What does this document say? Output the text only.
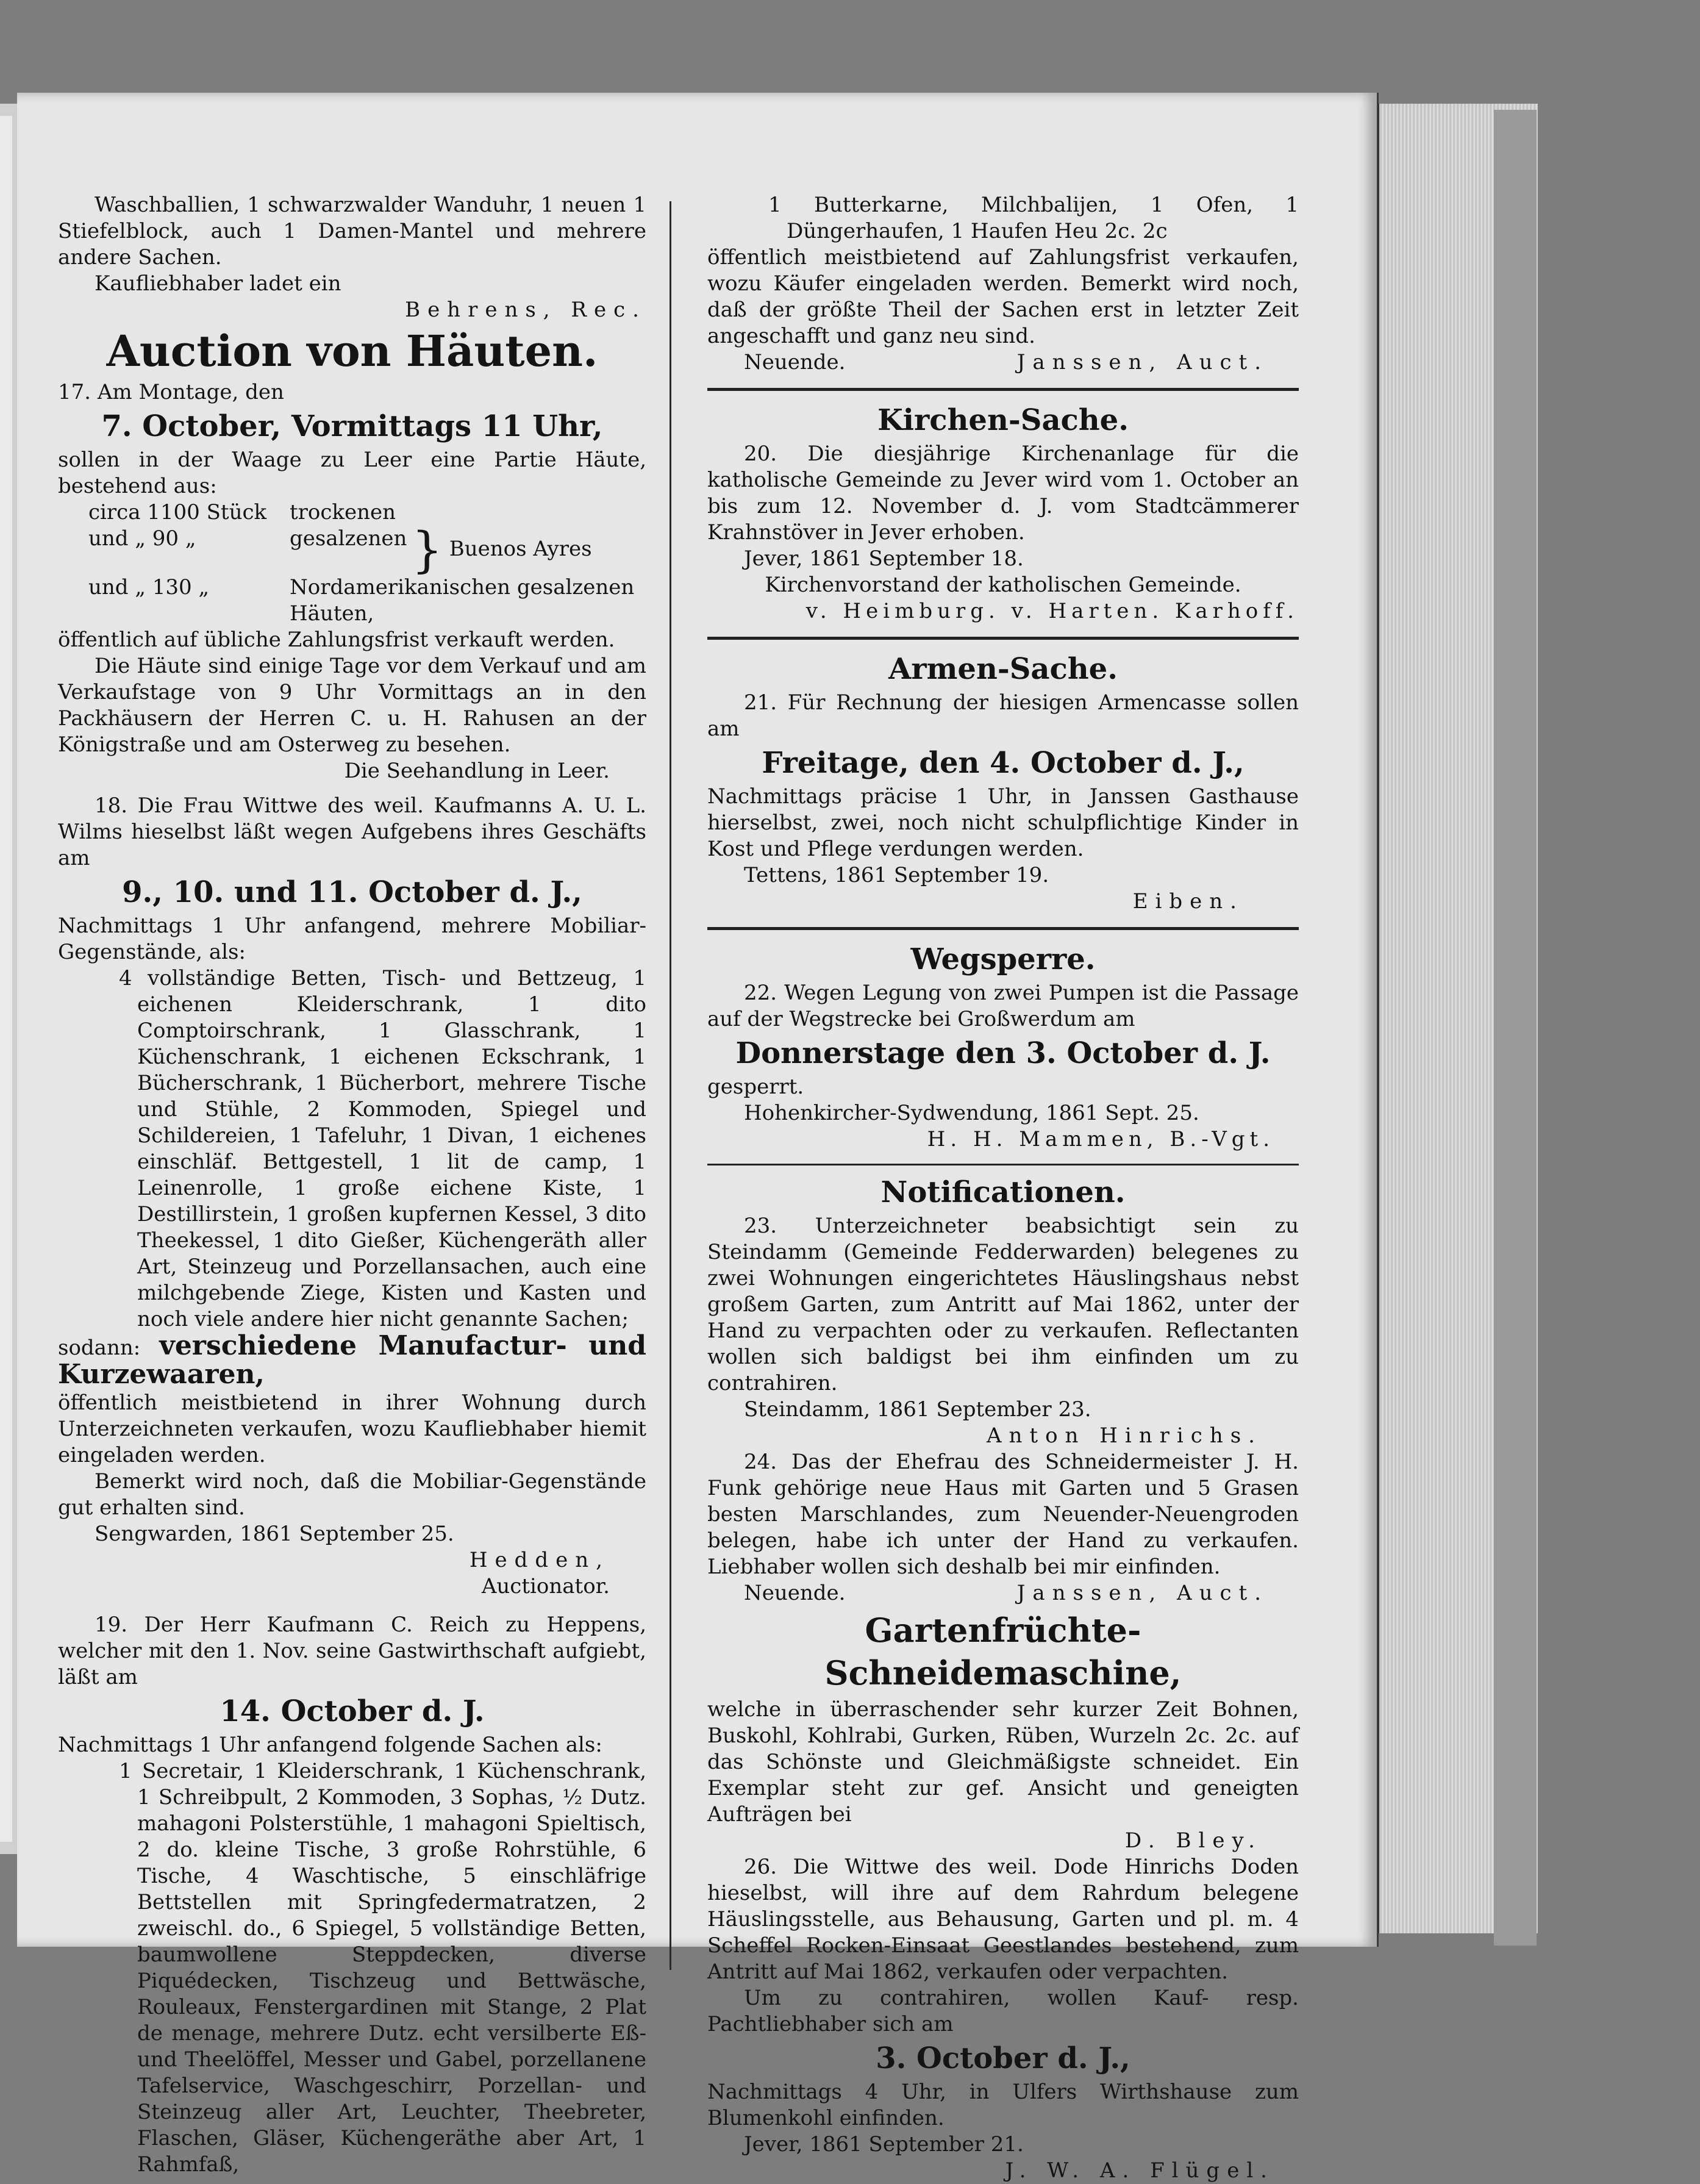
Waschballien, 1 schwarzwalder Wanduhr, 1 neuen 1 Stiefelblock, auch 1 Damen-Mantel und mehrere andere Sachen.

Kaufliebhaber ladet ein

Behrens, Rec.

Auction von Häuten.

17. Am Montage, den

7. October, Vormittags 11 Uhr,

sollen in der Waage zu Leer eine Partie Häute, bestehend aus:

circa 1100 Stück	trockenen
und „ 90 „	gesalzenen } Buenos Ayres
und „ 130 „	Nordamerikanischen gesalzenen Häuten,

öffentlich auf übliche Zahlungsfrist verkauft werden.

Die Häute sind einige Tage vor dem Verkauf und am Verkaufstage von 9 Uhr Vormittags an in den Packhäusern der Herren C. u. H. Rahusen an der Königstraße und am Osterweg zu besehen.

Die Seehandlung in Leer.

18. Die Frau Wittwe des weil. Kaufmanns A. U. L. Wilms hieselbst läßt wegen Aufgebens ihres Geschäfts am

9., 10. und 11. October d. J.,

Nachmittags 1 Uhr anfangend, mehrere Mobiliar-Gegenstände, als:

4 vollständige Betten, Tisch- und Bettzeug, 1 eichenen Kleiderschrank, 1 dito Comptoirschrank, 1 Glasschrank, 1 Küchenschrank, 1 eichenen Eckschrank, 1 Bücherschrank, 1 Bücherbort, mehrere Tische und Stühle, 2 Kommoden, Spiegel und Schildereien, 1 Tafeluhr, 1 Divan, 1 eichenes einschläf. Bettgestell, 1 lit de camp, 1 Leinenrolle, 1 große eichene Kiste, 1 Destillirstein, 1 großen kupfernen Kessel, 3 dito Theekessel, 1 dito Gießer, Küchengeräth aller Art, Steinzeug und Porzellansachen, auch eine milchgebende Ziege, Kisten und Kasten und noch viele andere hier nicht genannte Sachen;

sodann: verschiedene Manufactur- und Kurzewaaren,

öffentlich meistbietend in ihrer Wohnung durch Unterzeichneten verkaufen, wozu Kaufliebhaber hiemit eingeladen werden.

Bemerkt wird noch, daß die Mobiliar-Gegenstände gut erhalten sind.

Sengwarden, 1861 September 25.

Hedden,

Auctionator.

19. Der Herr Kaufmann C. Reich zu Heppens, welcher mit den 1. Nov. seine Gastwirthschaft aufgiebt, läßt am

14. October d. J.

Nachmittags 1 Uhr anfangend folgende Sachen als:

1 Secretair, 1 Kleiderschrank, 1 Küchenschrank, 1 Schreibpult, 2 Kommoden, 3 Sophas, ½ Dutz. mahagoni Polsterstühle, 1 mahagoni Spieltisch, 2 do. kleine Tische, 3 große Rohrstühle, 6 Tische, 4 Waschtische, 5 einschläfrige Bettstellen mit Springfedermatratzen, 2 zweischl. do., 6 Spiegel, 5 vollständige Betten, baumwollene Steppdecken, diverse Piquédecken, Tischzeug und Bettwäsche, Rouleaux, Fenstergardinen mit Stange, 2 Plat de menage, mehrere Dutz. echt versilberte Eß- und Theelöffel, Messer und Gabel, porzellanene Tafelservice, Waschgeschirr, Porzellan- und Steinzeug aller Art, Leuchter, Theebreter, Flaschen, Gläser, Küchengeräthe aber Art, 1 Rahmfaß,

1 Butterkarne, Milchbalijen, 1 Ofen, 1 Düngerhaufen, 1 Haufen Heu 2c. 2c

öffentlich meistbietend auf Zahlungsfrist verkaufen, wozu Käufer eingeladen werden. Bemerkt wird noch, daß der größte Theil der Sachen erst in letzter Zeit angeschafft und ganz neu sind.

Neuende.	Janssen, Auct.

Kirchen-Sache.

20. Die diesjährige Kirchenanlage für die katholische Gemeinde zu Jever wird vom 1. October an bis zum 12. November d. J. vom Stadtcämmerer Krahnstöver in Jever erhoben.

Jever, 1861 September 18.

Kirchenvorstand der katholischen Gemeinde.

v. Heimburg. v. Harten. Karhoff.

Armen-Sache.

21. Für Rechnung der hiesigen Armencasse sollen am

Freitage, den 4. October d. J.,

Nachmittags präcise 1 Uhr, in Janssen Gasthause hierselbst, zwei, noch nicht schulpflichtige Kinder in Kost und Pflege verdungen werden.

Tettens, 1861 September 19.

Eiben.

Wegsperre.

22. Wegen Legung von zwei Pumpen ist die Passage auf der Wegstrecke bei Großwerdum am

Donnerstage den 3. October d. J.

gesperrt.

Hohenkircher-Sydwendung, 1861 Sept. 25.

H. H. Mammen, B.-Vgt.

Notificationen.

23. Unterzeichneter beabsichtigt sein zu Steindamm (Gemeinde Fedderwarden) belegenes zu zwei Wohnungen eingerichtetes Häuslingshaus nebst großem Garten, zum Antritt auf Mai 1862, unter der Hand zu verpachten oder zu verkaufen. Reflectanten wollen sich baldigst bei ihm einfinden um zu contrahiren.

Steindamm, 1861 September 23.

Anton Hinrichs.

24. Das der Ehefrau des Schneidermeister J. H. Funk gehörige neue Haus mit Garten und 5 Grasen besten Marschlandes, zum Neuender-Neuengroden belegen, habe ich unter der Hand zu verkaufen. Liebhaber wollen sich deshalb bei mir einfinden.

Neuende.	Janssen, Auct.

Gartenfrüchte-Schneidemaschine,

welche in überraschender sehr kurzer Zeit Bohnen, Buskohl, Kohlrabi, Gurken, Rüben, Wurzeln 2c. 2c. auf das Schönste und Gleichmäßigste schneidet. Ein Exemplar steht zur gef. Ansicht und geneigten Aufträgen bei

D. Bley.

26. Die Wittwe des weil. Dode Hinrichs Doden hieselbst, will ihre auf dem Rahrdum belegene Häuslingsstelle, aus Behausung, Garten und pl. m. 4 Scheffel Rocken-Einsaat Geestlandes bestehend, zum Antritt auf Mai 1862, verkaufen oder verpachten.

Um zu contrahiren, wollen Kauf- resp. Pachtliebhaber sich am

3. October d. J.,

Nachmittags 4 Uhr, in Ulfers Wirthshause zum Blumenkohl einfinden.

Jever, 1861 September 21.

J. W. A. Flügel.
